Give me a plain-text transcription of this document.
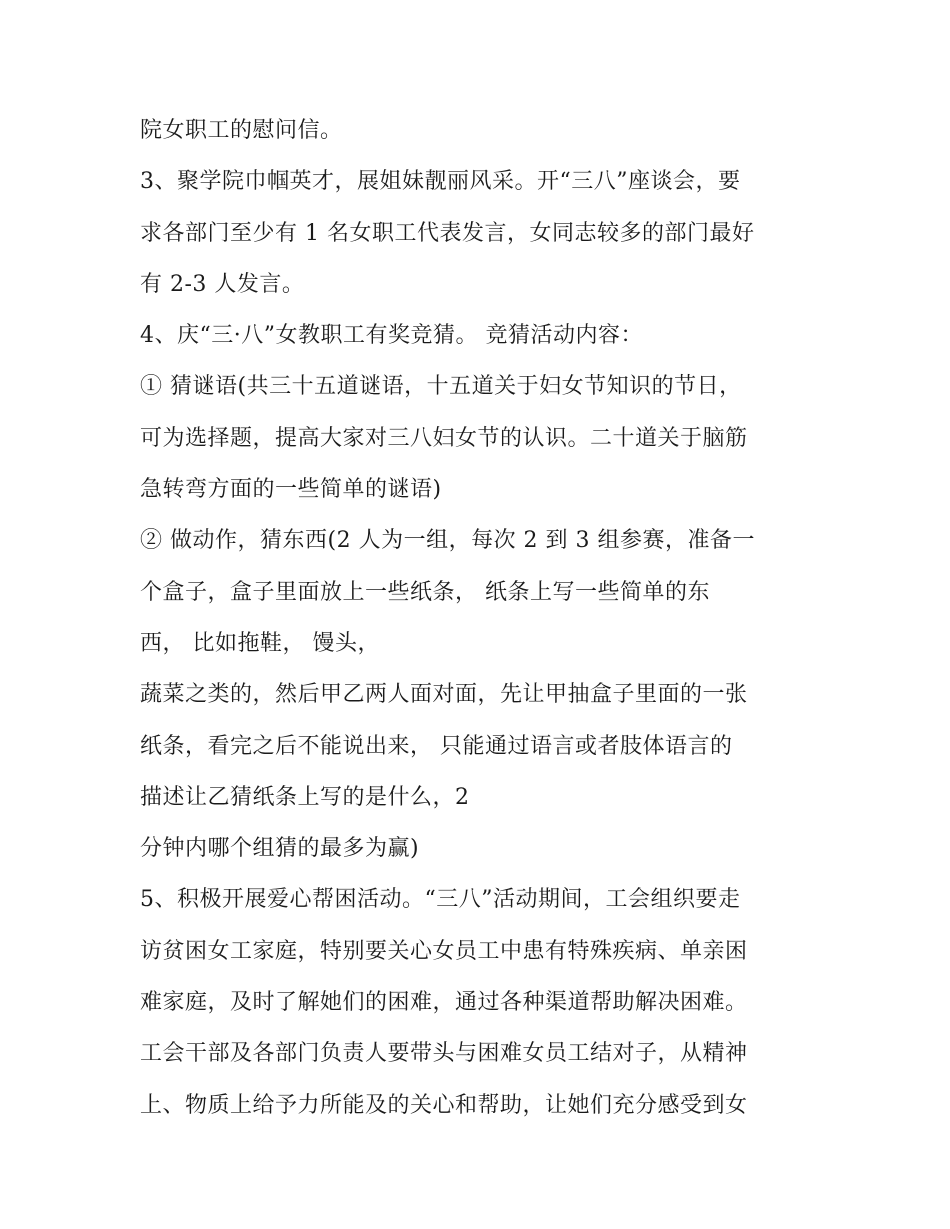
院女职工的慰问信。
3、聚学院巾帼英才，展姐妹靓丽风采。开“三八”座谈会，要
求各部门至少有 1 名女职工代表发言，女同志较多的部门最好
有 2-3 人发言。
4、庆“三·八”女教职工有奖竞猜。 竞猜活动内容：
① 猜谜语(共三十五道谜语，十五道关于妇女节知识的节日，
可为选择题，提高大家对三八妇女节的认识。二十道关于脑筋
急转弯方面的一些简单的谜语)
② 做动作，猜东西(2 人为一组，每次 2 到 3 组参赛，准备一
个盒子，盒子里面放上一些纸条， 纸条上写一些简单的东
西， 比如拖鞋， 馒头，
蔬菜之类的，然后甲乙两人面对面，先让甲抽盒子里面的一张
纸条，看完之后不能说出来， 只能通过语言或者肢体语言的
描述让乙猜纸条上写的是什么，2
分钟内哪个组猜的最多为赢)
5、积极开展爱心帮困活动。“三八”活动期间，工会组织要走
访贫困女工家庭，特别要关心女员工中患有特殊疾病、单亲困
难家庭，及时了解她们的困难，通过各种渠道帮助解决困难。
工会干部及各部门负责人要带头与困难女员工结对子，从精神
上、物质上给予力所能及的关心和帮助，让她们充分感受到女
